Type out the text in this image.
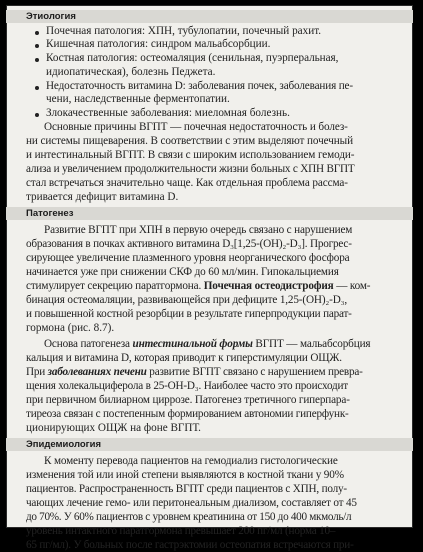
Этиология
Почечная патология: ХПН, тубулопатии, почечный рахит.
Кишечная патология: синдром мальабсорбции.
Костная патология: остеомаляция (сенильная, пуэрперальная,
идиопатическая), болезнь Педжета.
Недостаточность витамина D: заболевания почек, заболевания пе-
чени, наследственные ферментопатии.
Злокачественные заболевания: миеломная болезнь.
Основные причины ВГПТ — почечная недостаточность и болез-
ни системы пищеварения. В соответствии с этим выделяют почечный
и интестинальный ВГПТ. В связи с широким использованием гемоди-
ализа и увеличением продолжительности жизни больных с ХПН ВГПТ
стал встречаться значительно чаще. Как отдельная проблема рассма-
тривается дефицит витамина D.
Патогенез
Развитие ВГПТ при ХПН в первую очередь связано с нарушением
образования в почках активного витамина D₃[1,25-(OH)₂-D₃]. Прогрес-
сирующее увеличение плазменного уровня неорганического фосфора
начинается уже при снижении СКФ до 60 мл/мин. Гипокальциемия
стимулирует секрецию паратгормона. Почечная остеодистрофия — ком-
бинация остеомаляции, развивающейся при дефиците 1,25-(OH)₂-D₃,
и повышенной костной резорбции в результате гиперпродукции парат-
гормона (рис. 8.7).
Основа патогенеза интестинальной формы ВГПТ — мальабсорбция
кальция и витамина D, которая приводит к гиперстимуляции ОЩЖ.
При заболеваниях печени развитие ВГПТ связано с нарушением превра-
щения холекальциферола в 25-OH-D₃. Наиболее часто это происходит
при первичном билиарном циррозе. Патогенез третичного гиперпара-
тиреоза связан с постепенным формированием автономии гиперфунк-
ционирующих ОЩЖ на фоне ВГПТ.
Эпидемиология
К моменту перевода пациентов на гемодиализ гистологические
изменения той или иной степени выявляются в костной ткани у 90%
пациентов. Распространенность ВГПТ среди пациентов с ХПН, полу-
чающих лечение гемо- или перитонеальным диализом, составляет от 45
до 70%. У 60% пациентов с уровнем креатинина от 150 до 400 мкмоль/л
уровень интактного паратгормона превышает 200 пг/мл (норма 10–
65 пг/мл). У больных после гастрэктомии остеопатия встречаются при-
